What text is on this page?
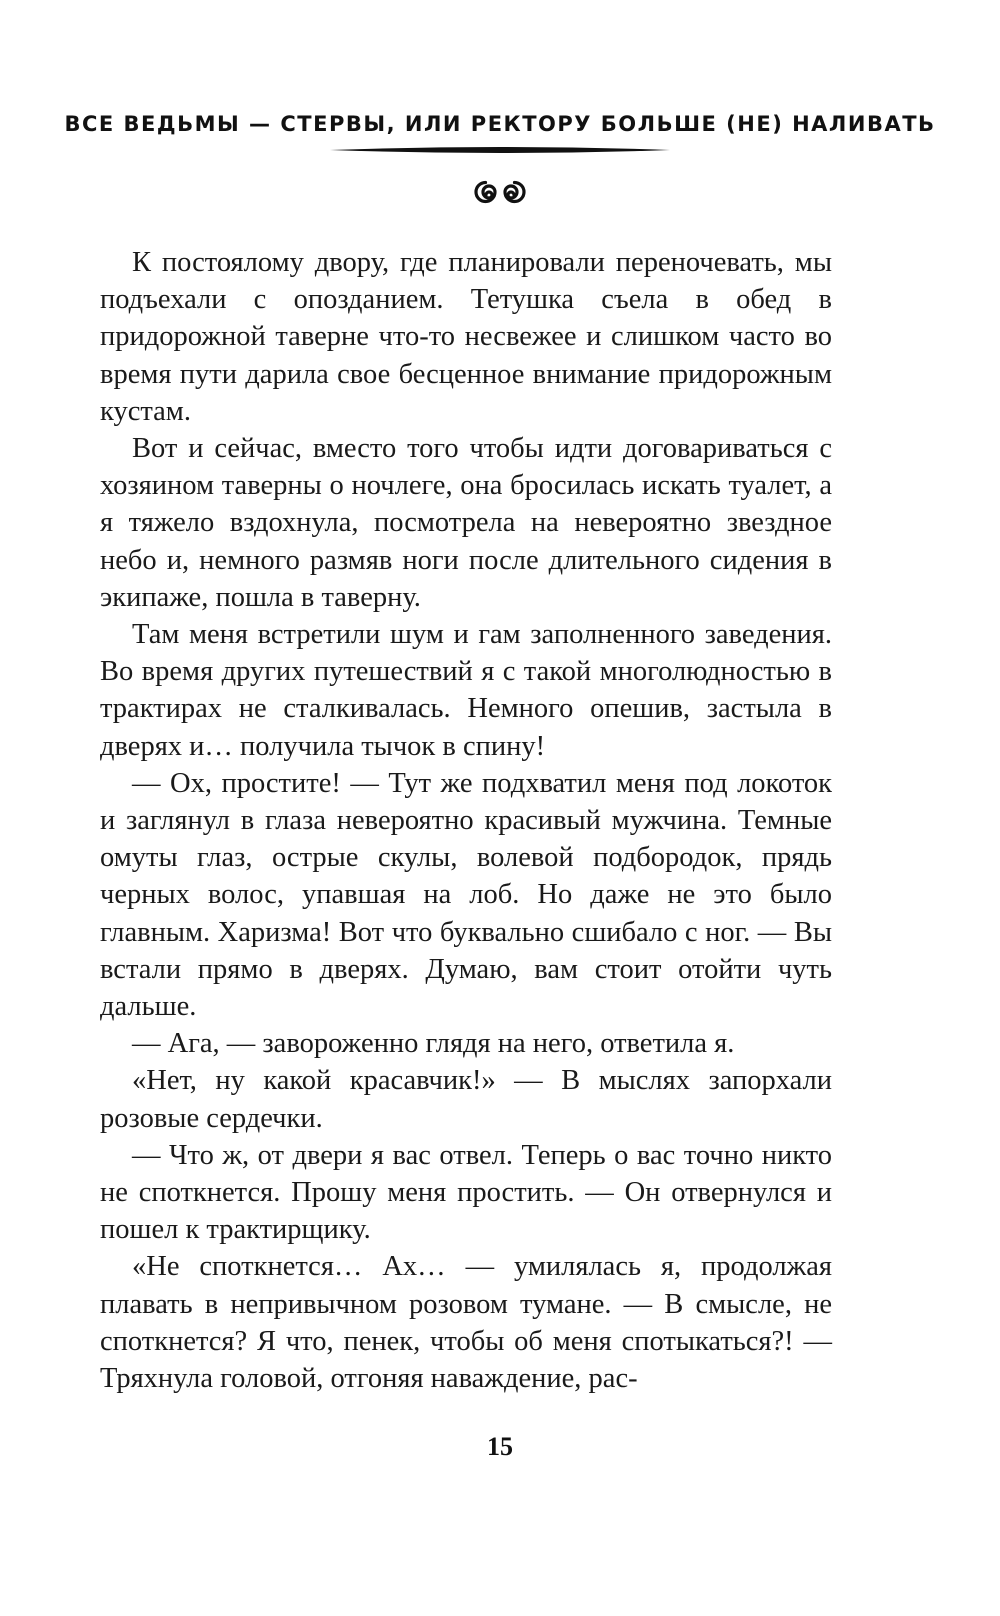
ВСЕ ВЕДЬМЫ — СТЕРВЫ, ИЛИ РЕКТОРУ БОЛЬШЕ (НЕ) НАЛИВАТЬ

К постоялому двору, где планировали переночевать, мы подъехали с опозданием. Тетушка съела в обед в придорожной таверне что-то несвежее и слишком часто во время пути дарила свое бесценное внимание придорожным кустам.

Вот и сейчас, вместо того чтобы идти договариваться с хозяином таверны о ночлеге, она бросилась искать туалет, а я тяжело вздохнула, посмотрела на невероятно звездное небо и, немного размяв ноги после длительного сидения в экипаже, пошла в таверну.

Там меня встретили шум и гам заполненного заведения. Во время других путешествий я с такой многолюдностью в трактирах не сталкивалась. Немного опешив, застыла в дверях и… получила тычок в спину!

— Ох, простите! — Тут же подхватил меня под локоток и заглянул в глаза невероятно красивый мужчина. Темные омуты глаз, острые скулы, волевой подбородок, прядь черных волос, упавшая на лоб. Но даже не это было главным. Харизма! Вот что буквально сшибало с ног. — Вы встали прямо в дверях. Думаю, вам стоит отойти чуть дальше.

— Ага, — завороженно глядя на него, ответила я.

«Нет, ну какой красавчик!» — В мыслях запорхали розовые сердечки.

— Что ж, от двери я вас отвел. Теперь о вас точно никто не споткнется. Прошу меня простить. — Он отвернулся и пошел к трактирщику.

«Не споткнется… Ах… — умилялась я, продолжая плавать в непривычном розовом тумане. — В смысле, не споткнется? Я что, пенек, чтобы об меня спотыкаться?! — Тряхнула головой, отгоняя наваждение, рас-

15
